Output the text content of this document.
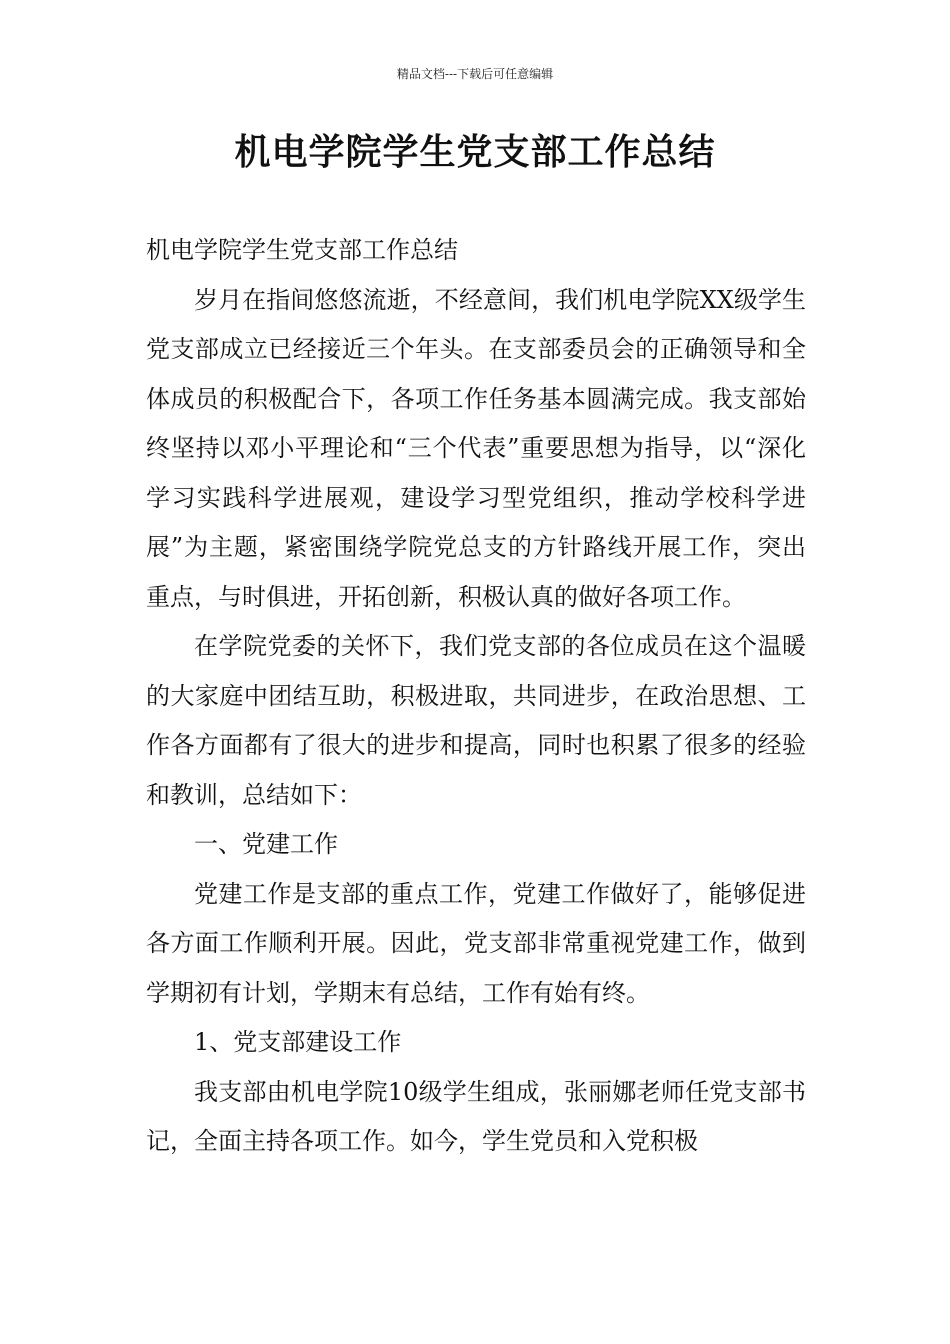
精品文档---下载后可任意编辑
机电学院学生党支部工作总结

机电学院学生党支部工作总结

岁月在指间悠悠流逝，不经意间，我们机电学院XX级学生党支部成立已经接近三个年头。在支部委员会的正确领导和全体成员的积极配合下，各项工作任务基本圆满完成。我支部始终坚持以邓小平理论和“三个代表”重要思想为指导，以“深化学习实践科学进展观，建设学习型党组织，推动学校科学进展”为主题，紧密围绕学院党总支的方针路线开展工作，突出重点，与时俱进，开拓创新，积极认真的做好各项工作。

在学院党委的关怀下，我们党支部的各位成员在这个温暖的大家庭中团结互助，积极进取，共同进步，在政治思想、工作各方面都有了很大的进步和提高，同时也积累了很多的经验和教训，总结如下：

一、党建工作

党建工作是支部的重点工作，党建工作做好了，能够促进各方面工作顺利开展。因此，党支部非常重视党建工作，做到学期初有计划，学期末有总结，工作有始有终。

1、党支部建设工作

我支部由机电学院10级学生组成，张丽娜老师任党支部书记，全面主持各项工作。如今，学生党员和入党积极
